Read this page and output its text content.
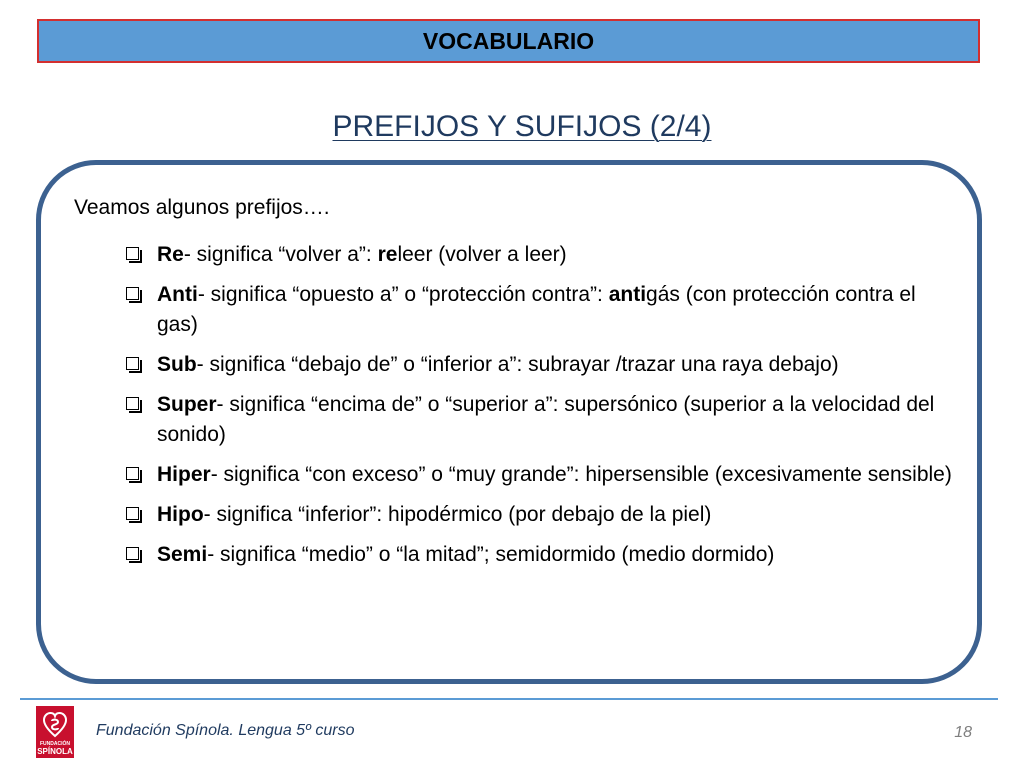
VOCABULARIO
PREFIJOS Y SUFIJOS (2/4)
Veamos algunos prefijos….
Re- significa “volver a”: releer (volver a leer)
Anti- significa “opuesto a” o “protección contra”: antigás (con protección contra el gas)
Sub- significa “debajo de” o “inferior a”: subrayar /trazar una raya debajo)
Super- significa “encima de” o “superior a”: supersónico (superior a la velocidad del sonido)
Hiper- significa “con exceso” o “muy grande”: hipersensible (excesivamente sensible)
Hipo- significa “inferior”: hipodérmico (por debajo de la piel)
Semi- significa “medio” o “la mitad”; semidormido (medio dormido)
FUNDACIÓN
SPÍNOLA
Fundación Spínola. Lengua 5º curso	18
